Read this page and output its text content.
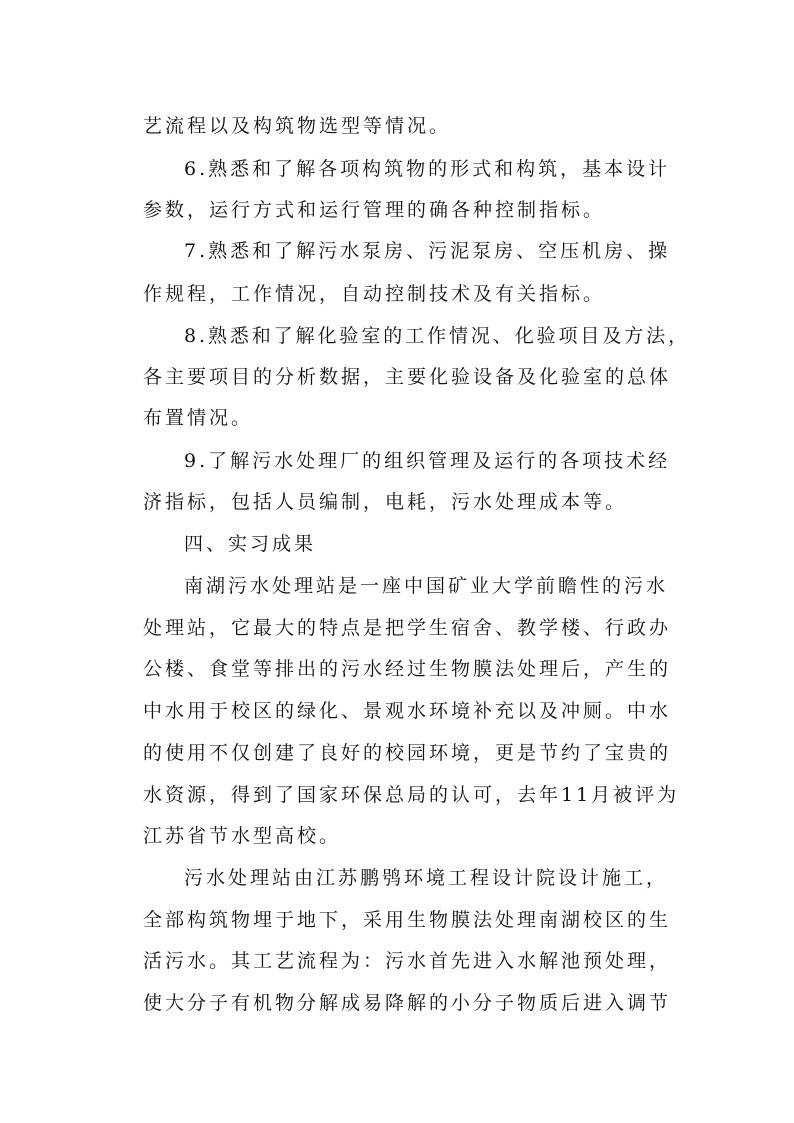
艺流程以及构筑物选型等情况。
6.熟悉和了解各项构筑物的形式和构筑，基本设计
参数，运行方式和运行管理的确各种控制指标。
7.熟悉和了解污水泵房、污泥泵房、空压机房、操
作规程，工作情况，自动控制技术及有关指标。
8.熟悉和了解化验室的工作情况、化验项目及方法，
各主要项目的分析数据，主要化验设备及化验室的总体
布置情况。
9.了解污水处理厂的组织管理及运行的各项技术经
济指标，包括人员编制，电耗，污水处理成本等。
四、实习成果
南湖污水处理站是一座中国矿业大学前瞻性的污水
处理站，它最大的特点是把学生宿舍、教学楼、行政办
公楼、食堂等排出的污水经过生物膜法处理后，产生的
中水用于校区的绿化、景观水环境补充以及冲厕。中水
的使用不仅创建了良好的校园环境，更是节约了宝贵的
水资源，得到了国家环保总局的认可，去年11月被评为
江苏省节水型高校。
污水处理站由江苏鹏鸮环境工程设计院设计施工，
全部构筑物埋于地下，采用生物膜法处理南湖校区的生
活污水。其工艺流程为：污水首先进入水解池预处理，
使大分子有机物分解成易降解的小分子物质后进入调节
